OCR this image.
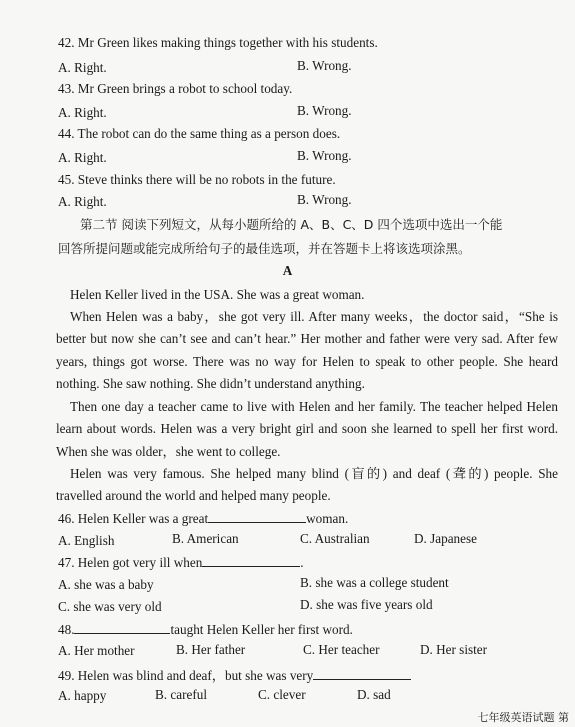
42. Mr Green likes making things together with his students.
A. Right.	B. Wrong.
43. Mr Green brings a robot to school today.
A. Right.	B. Wrong.
44. The robot can do the same thing as a person does.
A. Right.	B. Wrong.
45. Steve thinks there will be no robots in the future.
A. Right.	B. Wrong.
第二节 阅读下列短文，从每小题所给的 A、B、C、D 四个选项中选出一个能
回答所提问题或能完成所给句子的最佳选项，并在答题卡上将该选项涂黑。
A
Helen Keller lived in the USA. She was a great woman.
When Helen was a baby，she got very ill. After many weeks，the doctor said，“She is better but now she can’t see and can’t hear.” Her mother and father were very sad. After few years, things got worse. There was no way for Helen to speak to other people. She heard nothing. She saw nothing. She didn’t understand anything.
Then one day a teacher came to live with Helen and her family. The teacher helped Helen learn about words. Helen was a very bright girl and soon she learned to spell her first word. When she was older，she went to college.
Helen was very famous. She helped many blind (盲的) and deaf (聋的) people. She travelled around the world and helped many people.
46. Helen Keller was a great	woman.
A. English	B. American	C. Australian	D. Japanese
47. Helen got very ill when	.
A. she was a baby	B. she was a college student
C. she was very old	D. she was five years old
48.	taught Helen Keller her first word.
A. Her mother	B. Her father	C. Her teacher	D. Her sister
49. Helen was blind and deaf，but she was very
A. happy	B. careful	C. clever	D. sad
七年级英语试题 第
